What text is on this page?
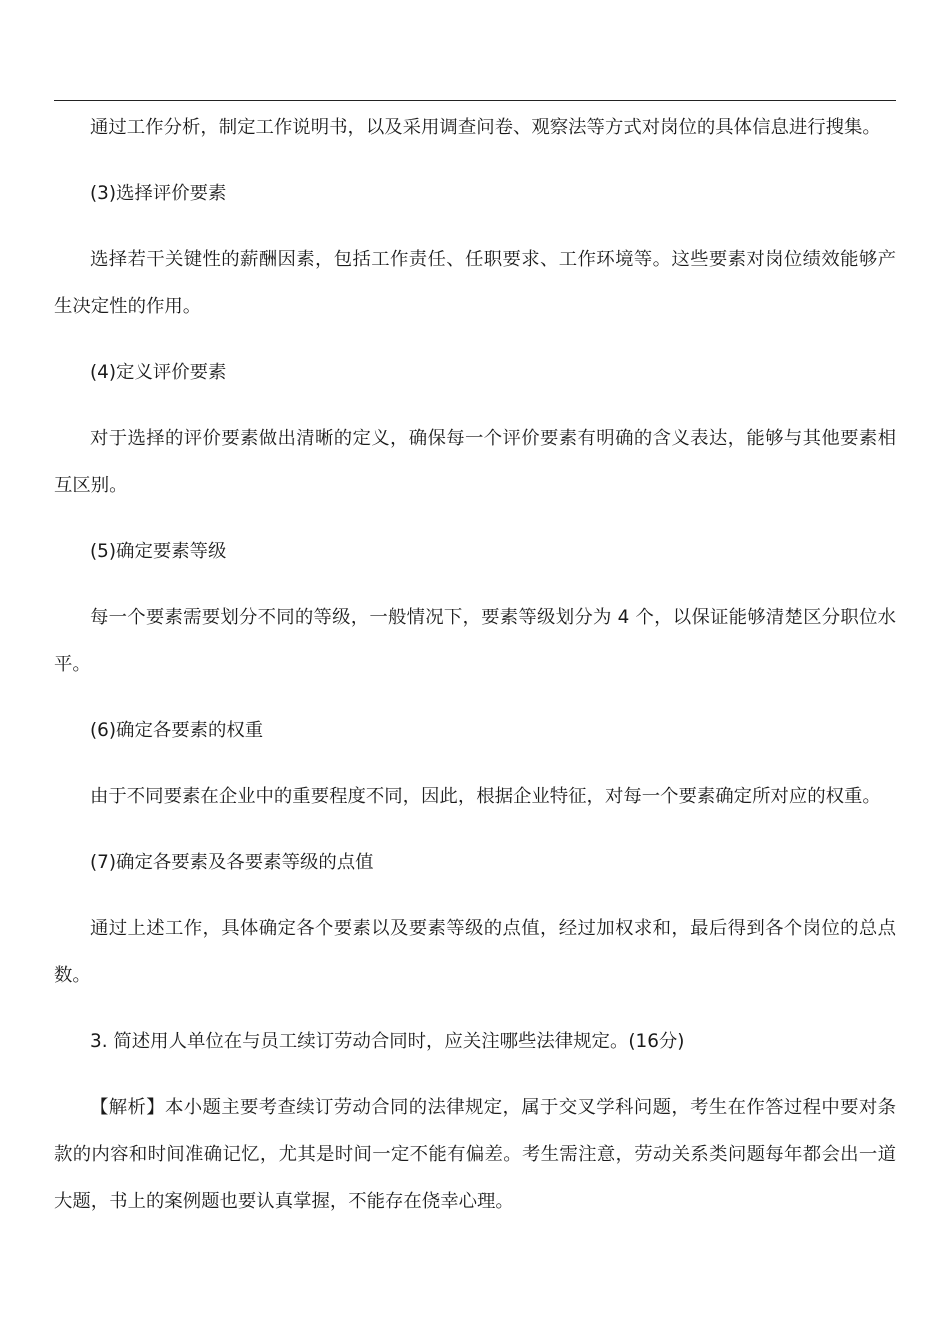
通过工作分析，制定工作说明书，以及采用调查问卷、观察法等方式对岗位的具体信息进行搜集。

(3)选择评价要素

选择若干关键性的薪酬因素，包括工作责任、任职要求、工作环境等。这些要素对岗位绩效能够产生决定性的作用。

(4)定义评价要素

对于选择的评价要素做出清晰的定义，确保每一个评价要素有明确的含义表达，能够与其他要素相互区别。

(5)确定要素等级

每一个要素需要划分不同的等级，一般情况下，要素等级划分为 4 个，以保证能够清楚区分职位水平。

(6)确定各要素的权重

由于不同要素在企业中的重要程度不同，因此，根据企业特征，对每一个要素确定所对应的权重。

(7)确定各要素及各要素等级的点值

通过上述工作，具体确定各个要素以及要素等级的点值，经过加权求和，最后得到各个岗位的总点数。

3. 简述用人单位在与员工续订劳动合同时，应关注哪些法律规定。(16分)

【解析】本小题主要考查续订劳动合同的法律规定，属于交叉学科问题，考生在作答过程中要对条款的内容和时间准确记忆，尤其是时间一定不能有偏差。考生需注意，劳动关系类问题每年都会出一道大题，书上的案例题也要认真掌握，不能存在侥幸心理。
